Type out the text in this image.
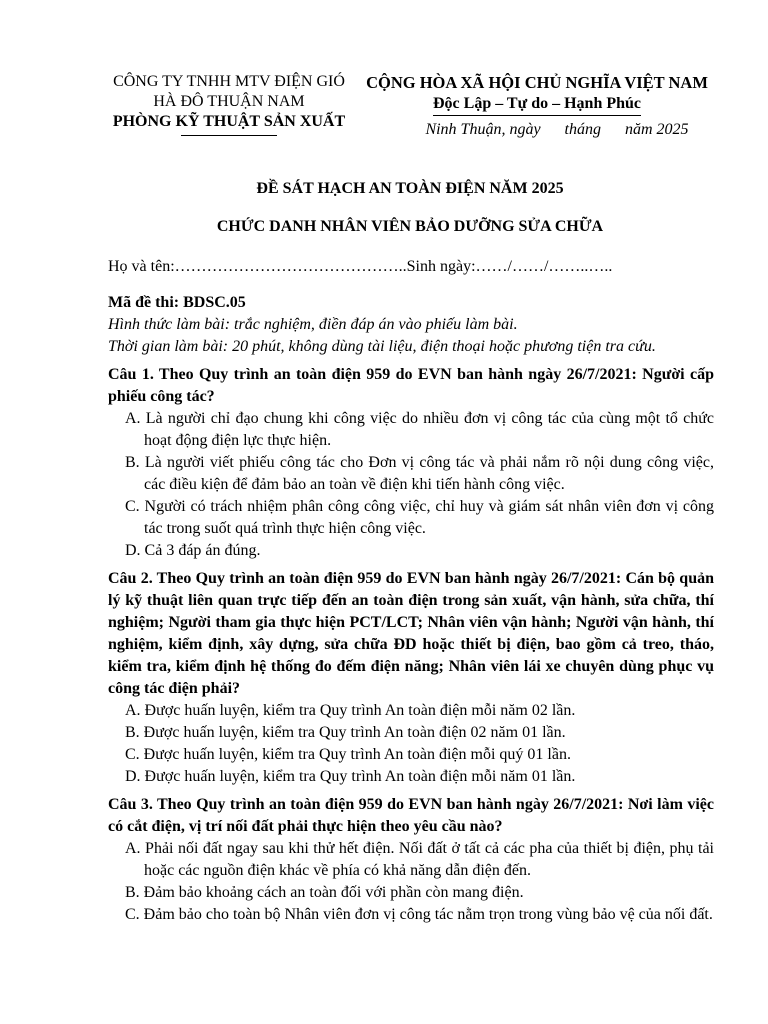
CÔNG TY TNHH MTV ĐIỆN GIÓ
HÀ ĐÔ THUẬN NAM
PHÒNG KỸ THUẬT SẢN XUẤT
CỘNG HÒA XÃ HỘI CHỦ NGHĨA VIỆT NAM
Độc Lập – Tự do – Hạnh Phúc
Ninh Thuận, ngày      tháng      năm 2025
ĐỀ SÁT HẠCH AN TOÀN ĐIỆN NĂM 2025
CHỨC DANH NHÂN VIÊN BẢO DƯỠNG SỬA CHỮA
Họ và tên:……………………………………..Sinh ngày:……/……/……..…..
Mã đề thi: BDSC.05
Hình thức làm bài: trắc nghiệm, điền đáp án vào phiếu làm bài.
Thời gian làm bài: 20 phút, không dùng tài liệu, điện thoại hoặc phương tiện tra cứu.
Câu 1. Theo Quy trình an toàn điện 959 do EVN ban hành ngày 26/7/2021: Người cấp phiếu công tác?
A. Là người chỉ đạo chung khi công việc do nhiều đơn vị công tác của cùng một tổ chức hoạt động điện lực thực hiện.
B. Là người viết phiếu công tác cho Đơn vị công tác và phải nắm rõ nội dung công việc, các điều kiện để đảm bảo an toàn về điện khi tiến hành công việc.
C. Người có trách nhiệm phân công công việc, chỉ huy và giám sát nhân viên đơn vị công tác trong suốt quá trình thực hiện công việc.
D. Cả 3 đáp án đúng.
Câu 2. Theo Quy trình an toàn điện 959 do EVN ban hành ngày 26/7/2021: Cán bộ quản lý kỹ thuật liên quan trực tiếp đến an toàn điện trong sản xuất, vận hành, sửa chữa, thí nghiệm; Người tham gia thực hiện PCT/LCT; Nhân viên vận hành; Người vận hành, thí nghiệm, kiểm định, xây dựng, sửa chữa ĐD hoặc thiết bị điện, bao gồm cả treo, tháo, kiểm tra, kiểm định hệ thống đo đếm điện năng; Nhân viên lái xe chuyên dùng phục vụ công tác điện phải?
A. Được huấn luyện, kiểm tra Quy trình An toàn điện mỗi năm 02 lần.
B. Được huấn luyện, kiểm tra Quy trình An toàn điện 02 năm 01 lần.
C. Được huấn luyện, kiểm tra Quy trình An toàn điện mỗi quý 01 lần.
D. Được huấn luyện, kiểm tra Quy trình An toàn điện mỗi năm 01 lần.
Câu 3. Theo Quy trình an toàn điện 959 do EVN ban hành ngày 26/7/2021: Nơi làm việc có cắt điện, vị trí nối đất phải thực hiện theo yêu cầu nào?
A. Phải nối đất ngay sau khi thử hết điện. Nối đất ở tất cả các pha của thiết bị điện, phụ tải hoặc các nguồn điện khác về phía có khả năng dẫn điện đến.
B. Đảm bảo khoảng cách an toàn đối với phần còn mang điện.
C. Đảm bảo cho toàn bộ Nhân viên đơn vị công tác nằm trọn trong vùng bảo vệ của nối đất.
